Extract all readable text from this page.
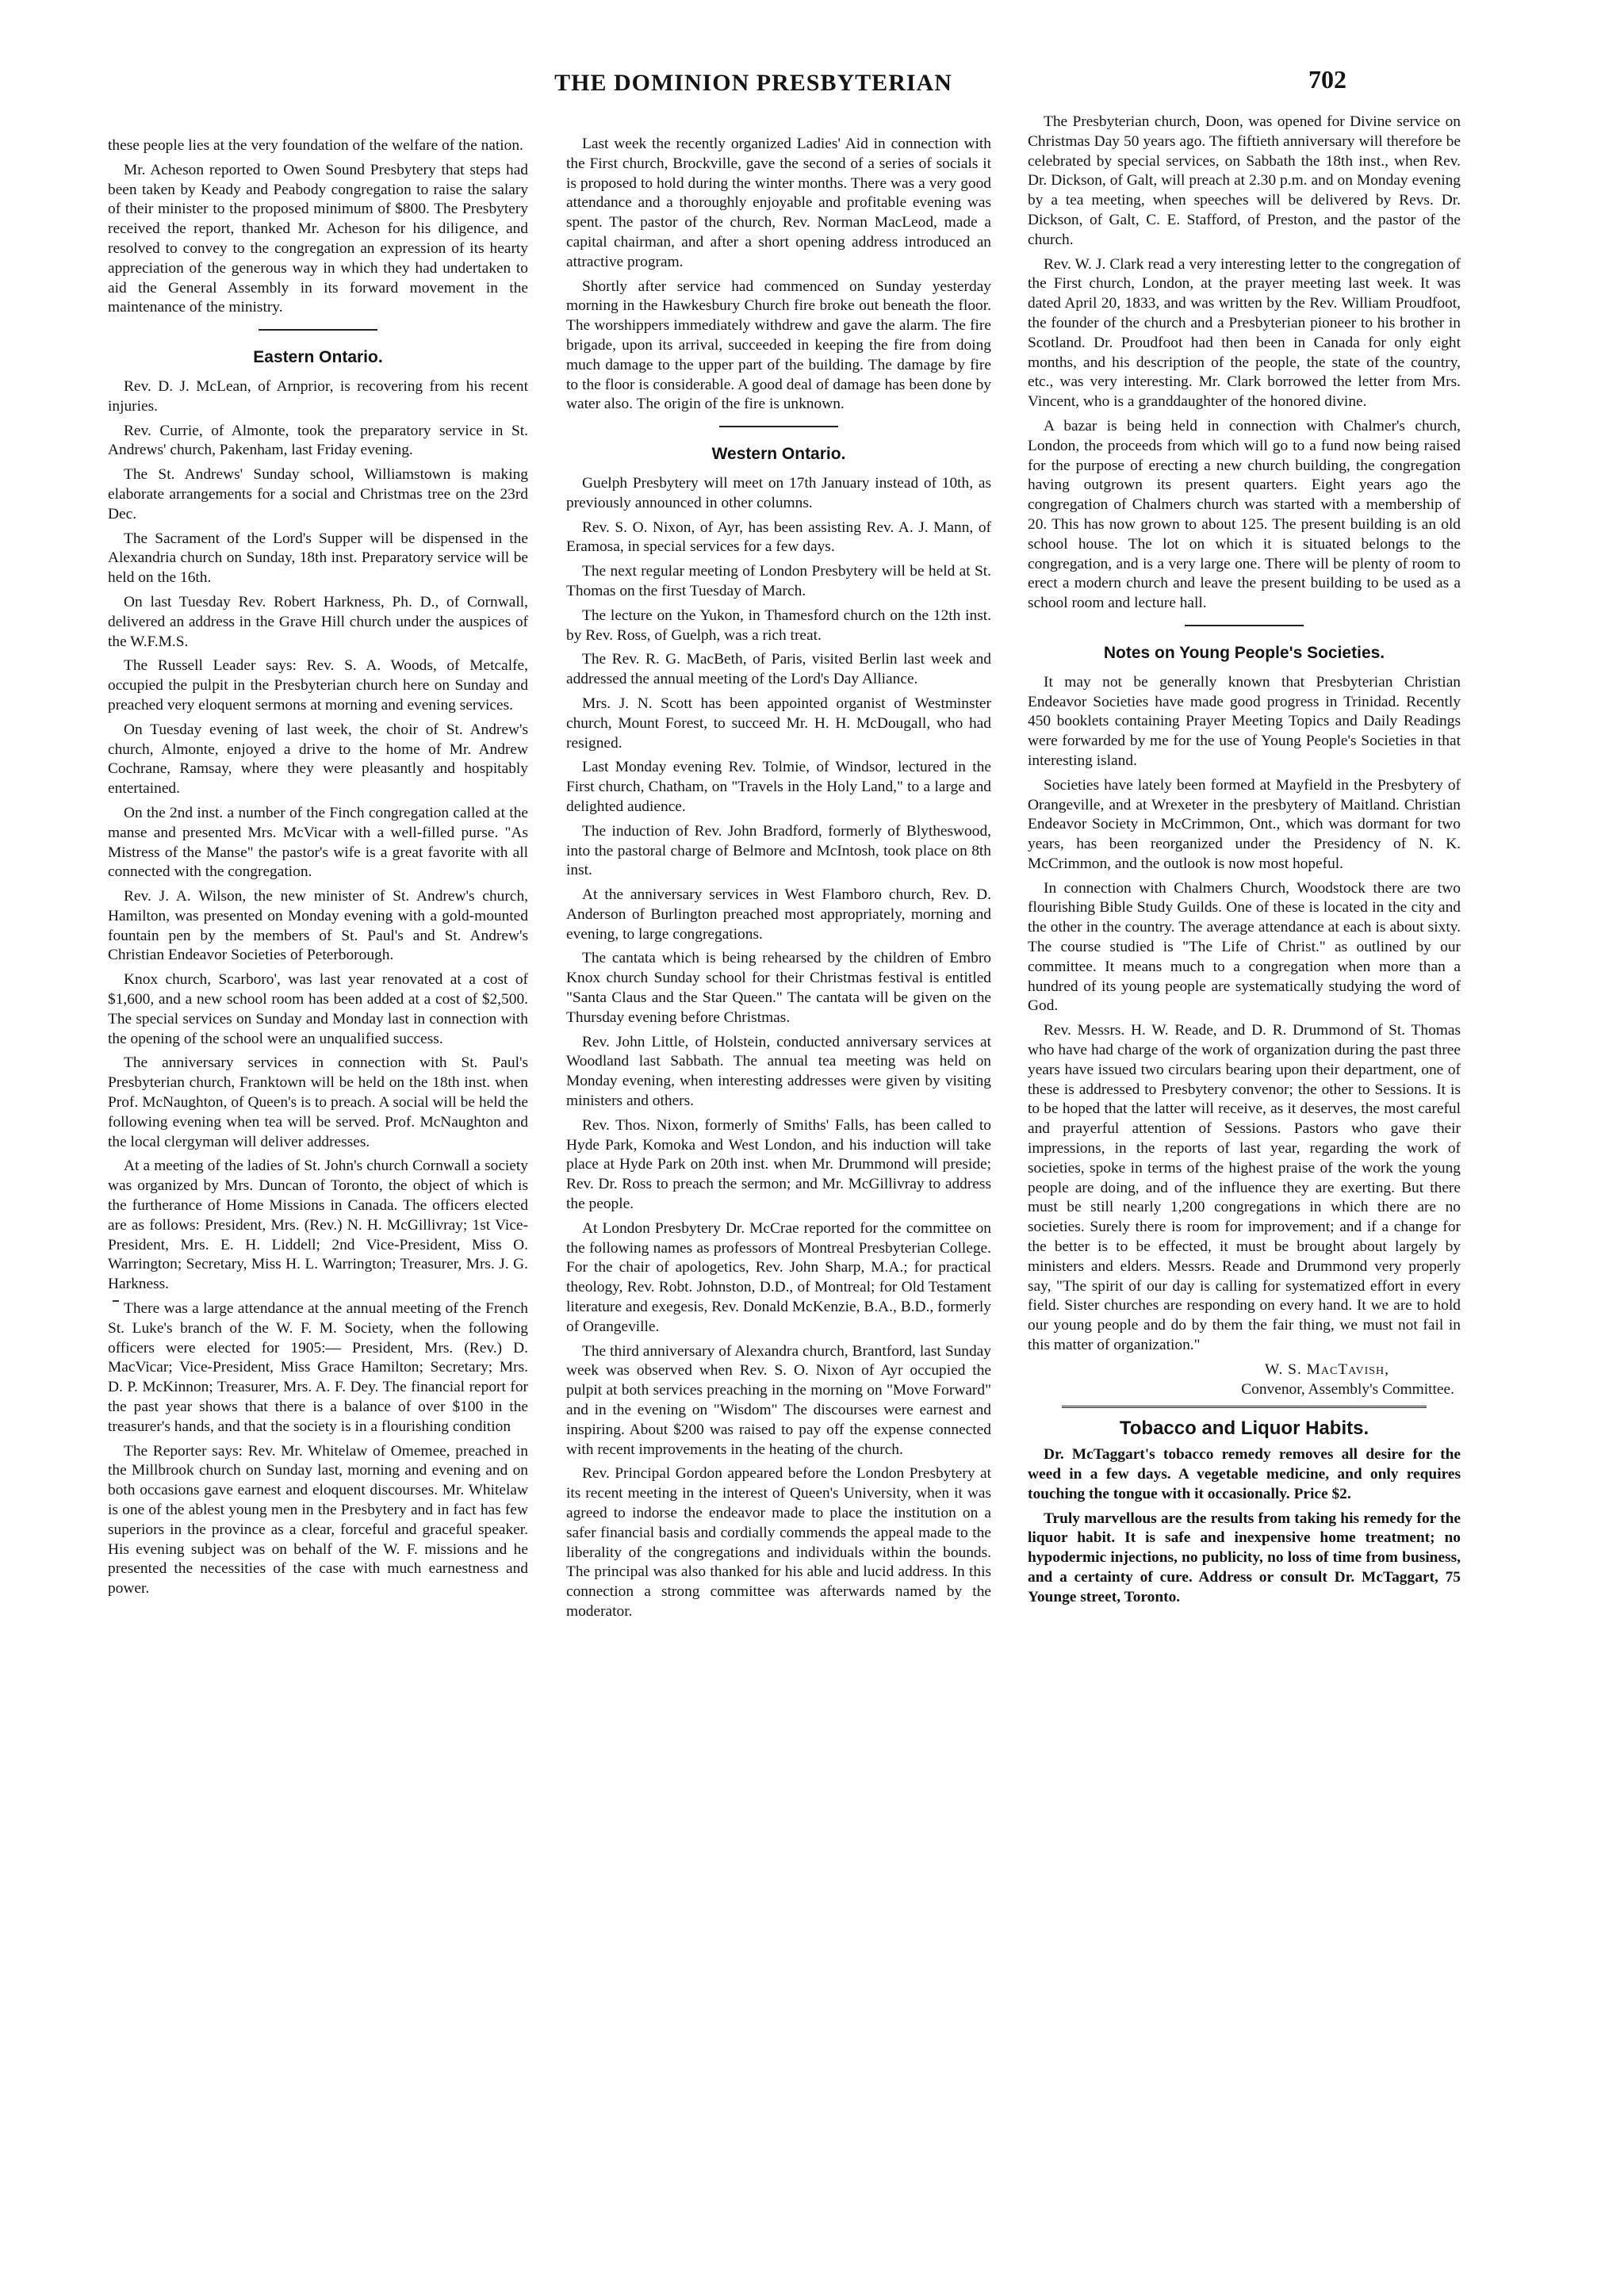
THE DOMINION PRESBYTERIAN	702

these people lies at the very foundation of the welfare of the nation.

Mr. Acheson reported to Owen Sound Presbytery that steps had been taken by Keady and Peabody congregation to raise the salary of their minister to the proposed minimum of $800. The Presbytery received the report, thanked Mr. Acheson for his diligence, and resolved to convey to the congregation an expression of its hearty appreciation of the generous way in which they had undertaken to aid the General Assembly in its forward movement in the maintenance of the ministry.

Eastern Ontario.

Rev. D. J. McLean, of Arnprior, is recovering from his recent injuries.

Rev. Currie, of Almonte, took the preparatory service in St. Andrews' church, Pakenham, last Friday evening.

The St. Andrews' Sunday school, Williamstown is making elaborate arrangements for a social and Christmas tree on the 23rd Dec.

The Sacrament of the Lord's Supper will be dispensed in the Alexandria church on Sunday, 18th inst. Preparatory service will be held on the 16th.

On last Tuesday Rev. Robert Harkness, Ph. D., of Cornwall, delivered an address in the Grave Hill church under the auspices of the W.F.M.S.

The Russell Leader says: Rev. S. A. Woods, of Metcalfe, occupied the pulpit in the Presbyterian church here on Sunday and preached very eloquent sermons at morning and evening services.

On Tuesday evening of last week, the choir of St. Andrew's church, Almonte, enjoyed a drive to the home of Mr. Andrew Cochrane, Ramsay, where they were pleasantly and hospitably entertained.

On the 2nd inst. a number of the Finch congregation called at the manse and presented Mrs. McVicar with a well-filled purse. "As Mistress of the Manse" the pastor's wife is a great favorite with all connected with the congregation.

Rev. J. A. Wilson, the new minister of St. Andrew's church, Hamilton, was presented on Monday evening with a gold-mounted fountain pen by the members of St. Paul's and St. Andrew's Christian Endeavor Societies of Peterborough.

Knox church, Scarboro', was last year renovated at a cost of $1,600, and a new school room has been added at a cost of $2,500. The special services on Sunday and Monday last in connection with the opening of the school were an unqualified success.

The anniversary services in connection with St. Paul's Presbyterian church, Franktown will be held on the 18th inst. when Prof. McNaughton, of Queen's is to preach. A social will be held the following evening when tea will be served. Prof. McNaughton and the local clergyman will deliver addresses.

At a meeting of the ladies of St. John's church Cornwall a society was organized by Mrs. Duncan of Toronto, the object of which is the furtherance of Home Missions in Canada. The officers elected are as follows: President, Mrs. (Rev.) N. H. McGillivray; 1st Vice-President, Mrs. E. H. Liddell; 2nd Vice-President, Miss O. Warrington; Secretary, Miss H. L. Warrington; Treasurer, Mrs. J. G. Harkness.

There was a large attendance at the annual meeting of the French St. Luke's branch of the W. F. M. Society, when the following officers were elected for 1905:— President, Mrs. (Rev.) D. MacVicar; Vice-President, Miss Grace Hamilton; Secretary; Mrs. D. P. McKinnon; Treasurer, Mrs. A. F. Dey. The financial report for the past year shows that there is a balance of over $100 in the treasurer's hands, and that the society is in a flourishing condition

The Reporter says: Rev. Mr. Whitelaw of Omemee, preached in the Millbrook church on Sunday last, morning and evening and on both occasions gave earnest and eloquent discourses. Mr. Whitelaw is one of the ablest young men in the Presbytery and in fact has few superiors in the province as a clear, forceful and graceful speaker. His evening subject was on behalf of the W. F. missions and he presented the necessities of the case with much earnestness and power.

Last week the recently organized Ladies' Aid in connection with the First church, Brockville, gave the second of a series of socials it is proposed to hold during the winter months. There was a very good attendance and a thoroughly enjoyable and profitable evening was spent. The pastor of the church, Rev. Norman MacLeod, made a capital chairman, and after a short opening address introduced an attractive program.

Shortly after service had commenced on Sunday yesterday morning in the Hawkesbury Church fire broke out beneath the floor. The worshippers immediately withdrew and gave the alarm. The fire brigade, upon its arrival, succeeded in keeping the fire from doing much damage to the upper part of the building. The damage by fire to the floor is considerable. A good deal of damage has been done by water also. The origin of the fire is unknown.

Western Ontario.

Guelph Presbytery will meet on 17th January instead of 10th, as previously announced in other columns.

Rev. S. O. Nixon, of Ayr, has been assisting Rev. A. J. Mann, of Eramosa, in special services for a few days.

The next regular meeting of London Presbytery will be held at St. Thomas on the first Tuesday of March.

The lecture on the Yukon, in Thamesford church on the 12th inst. by Rev. Ross, of Guelph, was a rich treat.

The Rev. R. G. MacBeth, of Paris, visited Berlin last week and addressed the annual meeting of the Lord's Day Alliance.

Mrs. J. N. Scott has been appointed organist of Westminster church, Mount Forest, to succeed Mr. H. H. McDougall, who had resigned.

Last Monday evening Rev. Tolmie, of Windsor, lectured in the First church, Chatham, on "Travels in the Holy Land," to a large and delighted audience.

The induction of Rev. John Bradford, formerly of Blytheswood, into the pastoral charge of Belmore and McIntosh, took place on 8th inst.

At the anniversary services in West Flamboro church, Rev. D. Anderson of Burlington preached most appropriately, morning and evening, to large congregations.

The cantata which is being rehearsed by the children of Embro Knox church Sunday school for their Christmas festival is entitled "Santa Claus and the Star Queen." The cantata will be given on the Thursday evening before Christmas.

Rev. John Little, of Holstein, conducted anniversary services at Woodland last Sabbath. The annual tea meeting was held on Monday evening, when interesting addresses were given by visiting ministers and others.

Rev. Thos. Nixon, formerly of Smiths' Falls, has been called to Hyde Park, Komoka and West London, and his induction will take place at Hyde Park on 20th inst. when Mr. Drummond will preside; Rev. Dr. Ross to preach the sermon; and Mr. McGillivray to address the people.

At London Presbytery Dr. McCrae reported for the committee on the following names as professors of Montreal Presbyterian College. For the chair of apologetics, Rev. John Sharp, M.A.; for practical theology, Rev. Robt. Johnston, D.D., of Montreal; for Old Testament literature and exegesis, Rev. Donald McKenzie, B.A., B.D., formerly of Orangeville.

The third anniversary of Alexandra church, Brantford, last Sunday week was observed when Rev. S. O. Nixon of Ayr occupied the pulpit at both services preaching in the morning on "Move Forward" and in the evening on "Wisdom" The discourses were earnest and inspiring. About $200 was raised to pay off the expense connected with recent improvements in the heating of the church.

Rev. Principal Gordon appeared before the London Presbytery at its recent meeting in the interest of Queen's University, when it was agreed to indorse the endeavor made to place the institution on a safer financial basis and cordially commends the appeal made to the liberality of the congregations and individuals within the bounds. The principal was also thanked for his able and lucid address. In this connection a strong committee was afterwards named by the moderator.

The Presbyterian church, Doon, was opened for Divine service on Christmas Day 50 years ago. The fiftieth anniversary will therefore be celebrated by special services, on Sabbath the 18th inst., when Rev. Dr. Dickson, of Galt, will preach at 2.30 p.m. and on Monday evening by a tea meeting, when speeches will be delivered by Revs. Dr. Dickson, of Galt, C. E. Stafford, of Preston, and the pastor of the church.

Rev. W. J. Clark read a very interesting letter to the congregation of the First church, London, at the prayer meeting last week. It was dated April 20, 1833, and was written by the Rev. William Proudfoot, the founder of the church and a Presbyterian pioneer to his brother in Scotland. Dr. Proudfoot had then been in Canada for only eight months, and his description of the people, the state of the country, etc., was very interesting. Mr. Clark borrowed the letter from Mrs. Vincent, who is a granddaughter of the honored divine.

A bazar is being held in connection with Chalmer's church, London, the proceeds from which will go to a fund now being raised for the purpose of erecting a new church building, the congregation having outgrown its present quarters. Eight years ago the congregation of Chalmers church was started with a membership of 20. This has now grown to about 125. The present building is an old school house. The lot on which it is situated belongs to the congregation, and is a very large one. There will be plenty of room to erect a modern church and leave the present building to be used as a school room and lecture hall.

Notes on Young People's Societies.

It may not be generally known that Presbyterian Christian Endeavor Societies have made good progress in Trinidad. Recently 450 booklets containing Prayer Meeting Topics and Daily Readings were forwarded by me for the use of Young People's Societies in that interesting island.

Societies have lately been formed at Mayfield in the Presbytery of Orangeville, and at Wrexeter in the presbytery of Maitland. Christian Endeavor Society in McCrimmon, Ont., which was dormant for two years, has been reorganized under the Presidency of N. K. McCrimmon, and the outlook is now most hopeful.

In connection with Chalmers Church, Woodstock there are two flourishing Bible Study Guilds. One of these is located in the city and the other in the country. The average attendance at each is about sixty. The course studied is "The Life of Christ." as outlined by our committee. It means much to a congregation when more than a hundred of its young people are systematically studying the word of God.

Rev. Messrs. H. W. Reade, and D. R. Drummond of St. Thomas who have had charge of the work of organization during the past three years have issued two circulars bearing upon their department, one of these is addressed to Presbytery convenor; the other to Sessions. It is to be hoped that the latter will receive, as it deserves, the most careful and prayerful attention of Sessions. Pastors who gave their impressions, in the reports of last year, regarding the work of societies, spoke in terms of the highest praise of the work the young people are doing, and of the influence they are exerting. But there must be still nearly 1,200 congregations in which there are no societies. Surely there is room for improvement; and if a change for the better is to be effected, it must be brought about largely by ministers and elders. Messrs. Reade and Drummond very properly say, "The spirit of our day is calling for systematized effort in every field. Sister churches are responding on every hand. It we are to hold our young people and do by them the fair thing, we must not fail in this matter of organization."

W. S. MacTavish,
Convenor, Assembly's Committee.
Tobacco and Liquor Habits.

Dr. McTaggart's tobacco remedy removes all desire for the weed in a few days. A vegetable medicine, and only requires touching the tongue with it occasionally. Price $2.

Truly marvellous are the results from taking his remedy for the liquor habit. It is safe and inexpensive home treatment; no hypodermic injections, no publicity, no loss of time from business, and a certainty of cure. Address or consult Dr. McTaggart, 75 Younge street, Toronto.
